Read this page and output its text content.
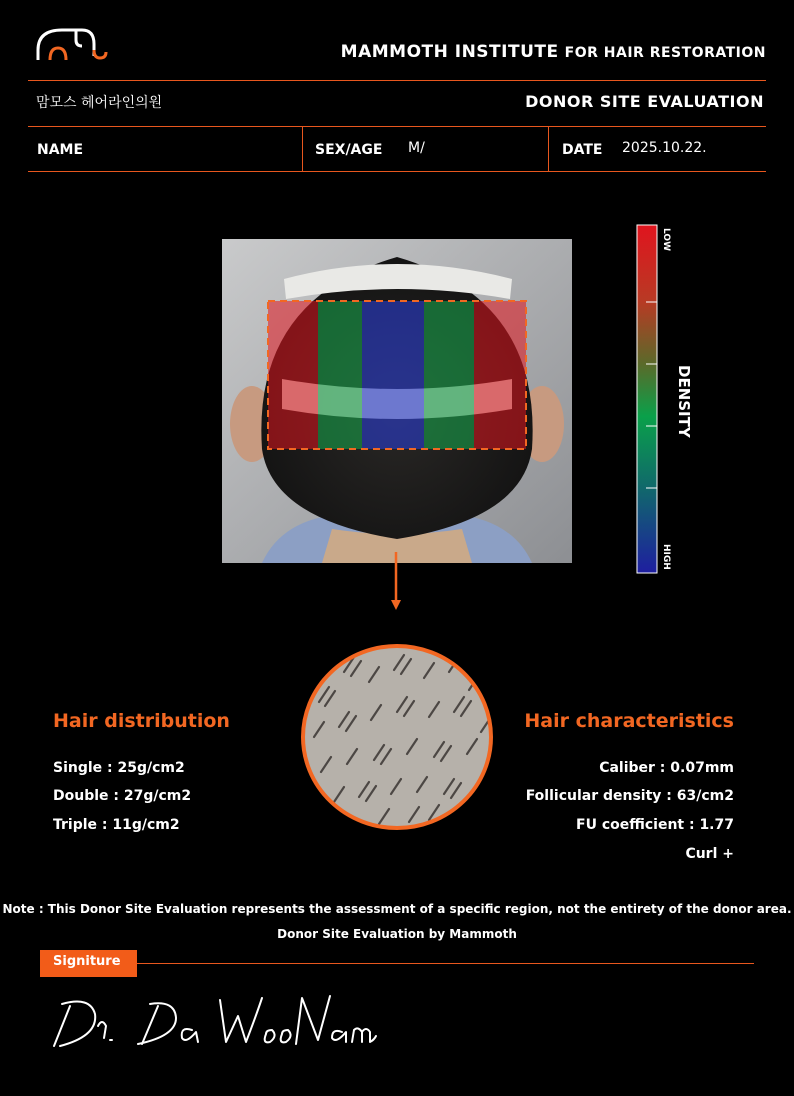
MAMMOTH INSTITUTE FOR HAIR RESTORATION
맘모스 헤어라인의원	DONOR SITE EVALUATION
NAME	SEX/AGE M/	DATE 2025.10.22.
LOW
DENSITY
HIGH
Hair distribution
Single : 25g/cm2
Double : 27g/cm2
Triple : 11g/cm2
Hair characteristics
Caliber : 0.07mm
Follicular density : 63/cm2
FU coefficient : 1.77
Curl +
Note : This Donor Site Evaluation represents the assessment of a specific region, not the entirety of the donor area.
Donor Site Evaluation by Mammoth
Signiture
